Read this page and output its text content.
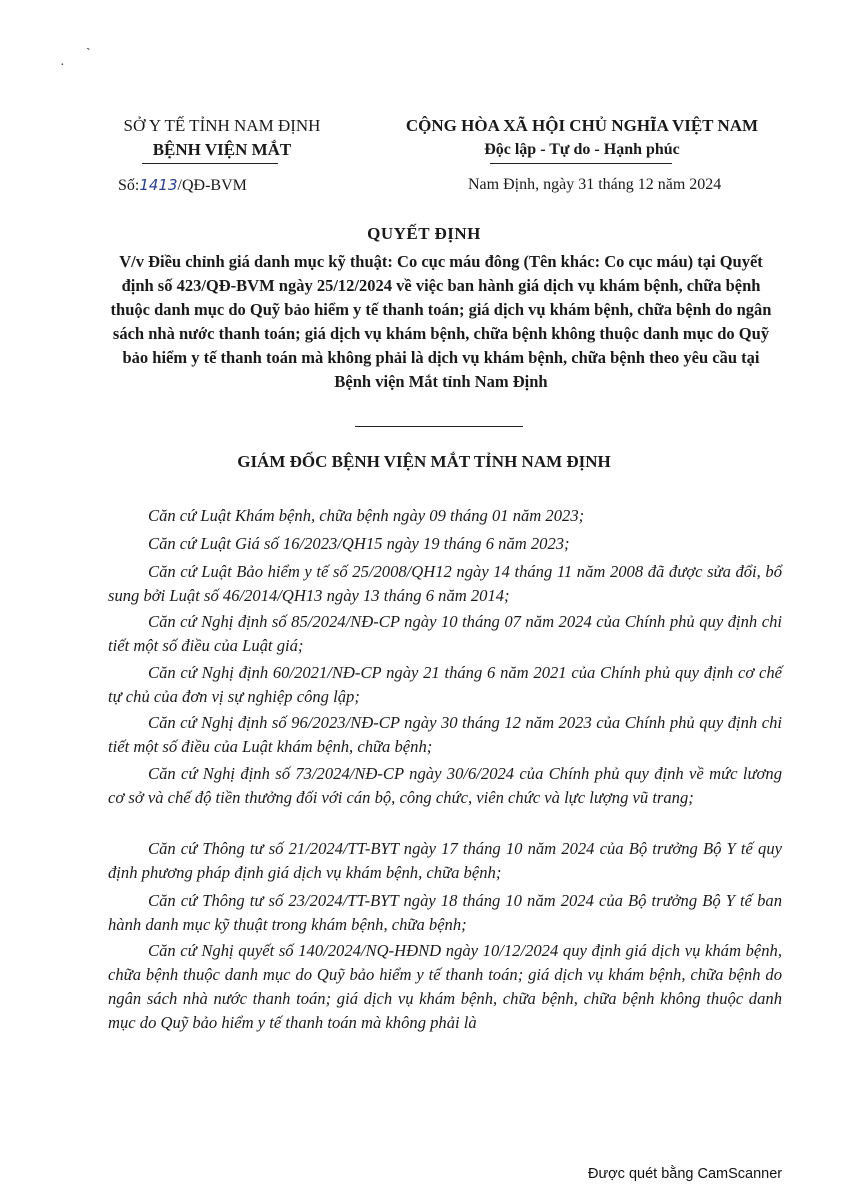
ˏ
·
SỞ Y TẾ TỈNH NAM ĐỊNH
BỆNH VIỆN MẮT
CỘNG HÒA XÃ HỘI CHỦ NGHĨA VIỆT NAM
Độc lập - Tự do - Hạnh phúc
Số:1413/QĐ-BVM	Nam Định, ngày 31 tháng 12 năm 2024
QUYẾT ĐỊNH
V/v Điều chỉnh giá danh mục kỹ thuật: Co cục máu đông (Tên khác: Co cục máu) tại Quyết định số 423/QĐ-BVM ngày 25/12/2024 về việc ban hành giá dịch vụ khám bệnh, chữa bệnh thuộc danh mục do Quỹ bảo hiểm y tế thanh toán; giá dịch vụ khám bệnh, chữa bệnh do ngân sách nhà nước thanh toán; giá dịch vụ khám bệnh, chữa bệnh không thuộc danh mục do Quỹ bảo hiểm y tế thanh toán mà không phải là dịch vụ khám bệnh, chữa bệnh theo yêu cầu tại Bệnh viện Mắt tỉnh Nam Định
GIÁM ĐỐC BỆNH VIỆN MẮT TỈNH NAM ĐỊNH
Căn cứ Luật Khám bệnh, chữa bệnh ngày 09 tháng 01 năm 2023;
Căn cứ Luật Giá số 16/2023/QH15 ngày 19 tháng 6 năm 2023;
Căn cứ Luật Bảo hiểm y tế số 25/2008/QH12 ngày 14 tháng 11 năm 2008 đã được sửa đổi, bổ sung bởi Luật số 46/2014/QH13 ngày 13 tháng 6 năm 2014;
Căn cứ Nghị định số 85/2024/NĐ-CP ngày 10 tháng 07 năm 2024 của Chính phủ quy định chi tiết một số điều của Luật giá;
Căn cứ Nghị định 60/2021/NĐ-CP ngày 21 tháng 6 năm 2021 của Chính phủ quy định cơ chế tự chủ của đơn vị sự nghiệp công lập;
Căn cứ Nghị định số 96/2023/NĐ-CP ngày 30 tháng 12 năm 2023 của Chính phủ quy định chi tiết một số điều của Luật khám bệnh, chữa bệnh;
Căn cứ Nghị định số 73/2024/NĐ-CP ngày 30/6/2024 của Chính phủ quy định về mức lương cơ sở và chế độ tiền thưởng đối với cán bộ, công chức, viên chức và lực lượng vũ trang;
Căn cứ Thông tư số 21/2024/TT-BYT ngày 17 tháng 10 năm 2024 của Bộ trưởng Bộ Y tế quy định phương pháp định giá dịch vụ khám bệnh, chữa bệnh;
Căn cứ Thông tư số 23/2024/TT-BYT ngày 18 tháng 10 năm 2024 của Bộ trưởng Bộ Y tế ban hành danh mục kỹ thuật trong khám bệnh, chữa bệnh;
Căn cứ Nghị quyết số 140/2024/NQ-HĐND ngày 10/12/2024 quy định giá dịch vụ khám bệnh, chữa bệnh thuộc danh mục do Quỹ bảo hiểm y tế thanh toán; giá dịch vụ khám bệnh, chữa bệnh do ngân sách nhà nước thanh toán; giá dịch vụ khám bệnh, chữa bệnh, chữa bệnh không thuộc danh mục do Quỹ bảo hiểm y tế thanh toán mà không phải là
Được quét bằng CamScanner
